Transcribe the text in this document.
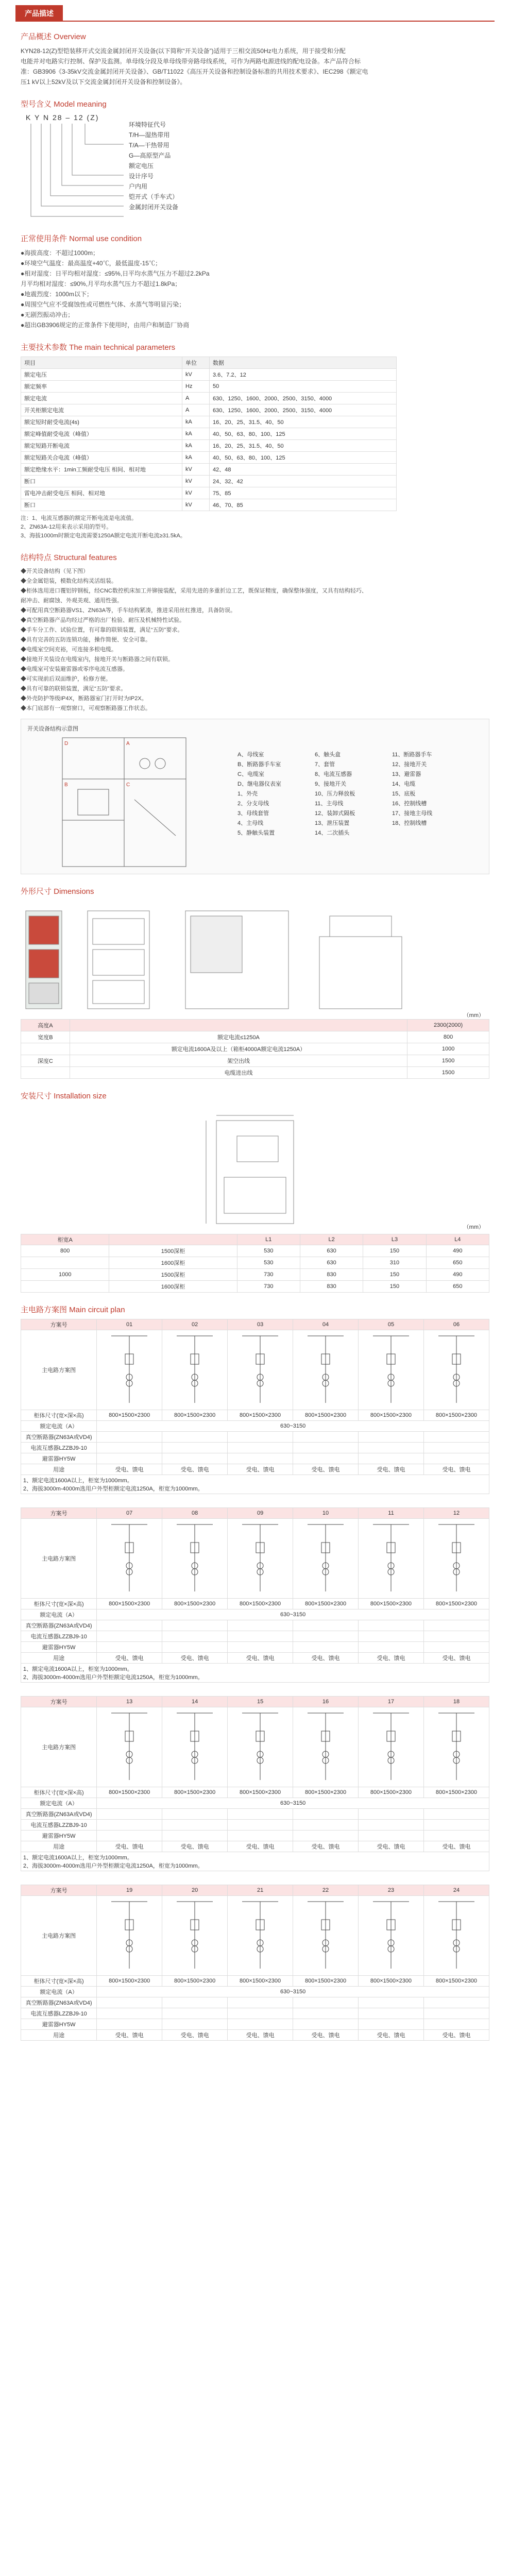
产品描述
产品概述 Overview

KYN28-12(Z)型铠装移开式交流金属封闭开关设备(以下简称“开关设备”)适用于三相交流50Hz电力系统，用于接受和分配

电能并对电路实行控制、保护及监测。单母线分段及单母线带旁路母线系统，可作为两路电源进线的配电设备。本产品符合标

准：GB3906《3-35kV交流金属封闭开关设备》、GB/T11022《高压开关设备和控制设备标准的共用技术要求》、IEC298《额定电

压1 kV以上52kV及以下交流金属封闭开关设备和控制设备》。

型号含义 Model meaning
K Y N 28 – 12 (Z)
环境特征代号
T/H—湿热带用
T/A—干热带用
G—高原型产品
额定电压
设计序号
户内用
铠开式（手车式）
金属封闭开关设备
正常使用条件 Normal use condition

●海拔高度：不超过1000m；

●环境空气温度：最高温度+40℃，最低温度-15℃；

●相对湿度：日平均相对湿度：≤95%,日平均水蒸气压力不超过2.2kPa

月平均相对湿度：≤90%,月平均水蒸气压力不超过1.8kPa；

●地震烈度：1000m以下；

●周围空气应不受腐蚀性或可燃性气体、水蒸气等明显污染；

●无剧烈振动冲击；

●超出GB3906规定的正常条件下使用时，由用户和制造厂协商

主要技术参数 The main technical parameters
项目	单位	数据
额定电压	kV	3.6、7.2、12
额定频率	Hz	50
额定电流	A	630、1250、1600、2000、2500、3150、4000
开关柜额定电流	A	630、1250、1600、2000、2500、3150、4000
额定短时耐受电流(4s)	kA	16、20、25、31.5、40、50
额定峰值耐受电流（峰值）	kA	40、50、63、80、100、125
额定短路开断电流	kA	16、20、25、31.5、40、50
额定短路关合电流（峰值）	kA	40、50、63、80、100、125
额定绝缘水平：1min工频耐受电压 相间、相对地	kV	42、48
断口	kV	24、32、42
雷电冲击耐受电压 相间、相对地	kV	75、85
断口	kV	46、70、85

注：1、电流互感器的额定开断电流是电流值。

2、ZN63A-12用来表示采用的型号。

3、海拔1000m时额定电流需要1250A额定电流开断电流≥31.5kA。

结构特点 Structural features
◆开关设备结构（见下图）
◆全金属铠装，模数化结构灵活组装。
◆柜体选用进口覆铝锌钢板，经CNC数控机床加工并铆接装配，采用先进的多重折边工艺，既保证精度，确保整体强度，又具有结构轻巧、
耐冲击、耐腐蚀、外观美观、通用性强。
◆可配用真空断路器VS1、ZN63A等，手车结构紧凑，推进采用丝杠推进，具备防误。
◆真空断路器产品均经过严格的出厂检验、耐压及机械特性试验。
◆手车分工作、试验位置，有可靠的联锁装置，满足“五防”要求。
◆具有完善的五防连锁功能，操作简便、安全可靠。
◆电缆室空间充裕，可连接多根电缆。
◆接地开关装设在电缆室内，接地开关与断路器之间有联锁。
◆电缆室可安装避雷器或零序电流互感器。
◆可实现前后双面维护，检修方便。
◆具有可靠的联锁装置，满足“五防”要求。
◆外壳防护等级IP4X，断路器室门打开时为IP2X。
◆本门底部有一观察窗口，可观察断路器工作状态。
开关设备结构示意图
D	A
B	C
A、母线室	6、触头盒	11、断路器手车
B、断路器手车室	7、套管	12、接地开关
C、电缆室	8、电流互感器	13、避雷器
D、继电器仪表室	9、接地开关	14、电缆
1、外壳	10、压力释放板	15、底板
2、分支母线	11、主母线	16、控制线槽
3、母线套管	12、装卸式隔板	17、接地主母线
4、主母线	13、泄压装置	18、控制线槽
5、静触头装置	14、二次插头
外形尺寸 Dimensions
（mm）
高度A		2300(2000)
宽度B	额定电流≤1250A	800
	额定电流1600A及以上（箱柜4000A额定电流1250A）	1000
深度C	架空出线	1500
	电缆进出线	1500
安装尺寸 Installation size
（mm）
柜宽A		L1	L2	L3	L4
800	1500深柜	530	630	150	490
	1600深柜	530	630	310	650
1000	1500深柜	730	830	150	490
	1600深柜	730	830	150	650
主电路方案图 Main circuit plan
方案号	01	02	03	04	05	06
主电路方案图						
柜体尺寸(宽×深×高)	800×1500×2300	800×1500×2300	800×1500×2300	800×1500×2300	800×1500×2300	800×1500×2300
额定电流（A）	630~3150					
真空断路器(ZN63A或VD4)						
电流互感器LZZBJ9-10						
避雷器HY5W						
用途	受电、馈电	受电、馈电	受电、馈电	受电、馈电	受电、馈电	受电、馈电

1、额定电流1600A以上，柜宽为1000mm。
2、海拔3000m-4000m选用户外型柜额定电流1250A，柜宽为1000mm。						
方案号	07	08	09	10	11	12
主电路方案图						
柜体尺寸(宽×深×高)	800×1500×2300	800×1500×2300	800×1500×2300	800×1500×2300	800×1500×2300	800×1500×2300
额定电流（A）	630~3150					
真空断路器(ZN63A或VD4)						
电流互感器LZZBJ9-10						
避雷器HY5W						
用途	受电、馈电	受电、馈电	受电、馈电	受电、馈电	受电、馈电	受电、馈电

1、额定电流1600A以上，柜宽为1000mm。
2、海拔3000m-4000m选用户外型柜额定电流1250A，柜宽为1000mm。						
方案号	13	14	15	16	17	18
主电路方案图						
柜体尺寸(宽×深×高)	800×1500×2300	800×1500×2300	800×1500×2300	800×1500×2300	800×1500×2300	800×1500×2300
额定电流（A）	630~3150					
真空断路器(ZN63A或VD4)						
电流互感器LZZBJ9-10						
避雷器HY5W						
用途	受电、馈电	受电、馈电	受电、馈电	受电、馈电	受电、馈电	受电、馈电

1、额定电流1600A以上，柜宽为1000mm。
2、海拔3000m-4000m选用户外型柜额定电流1250A，柜宽为1000mm。						
方案号	19	20	21	22	23	24
主电路方案图						
柜体尺寸(宽×深×高)	800×1500×2300	800×1500×2300	800×1500×2300	800×1500×2300	800×1500×2300	800×1500×2300
额定电流（A）	630~3150					
真空断路器(ZN63A或VD4)						
电流互感器LZZBJ9-10						
避雷器HY5W						
用途	受电、馈电	受电、馈电	受电、馈电	受电、馈电	受电、馈电	受电、馈电
